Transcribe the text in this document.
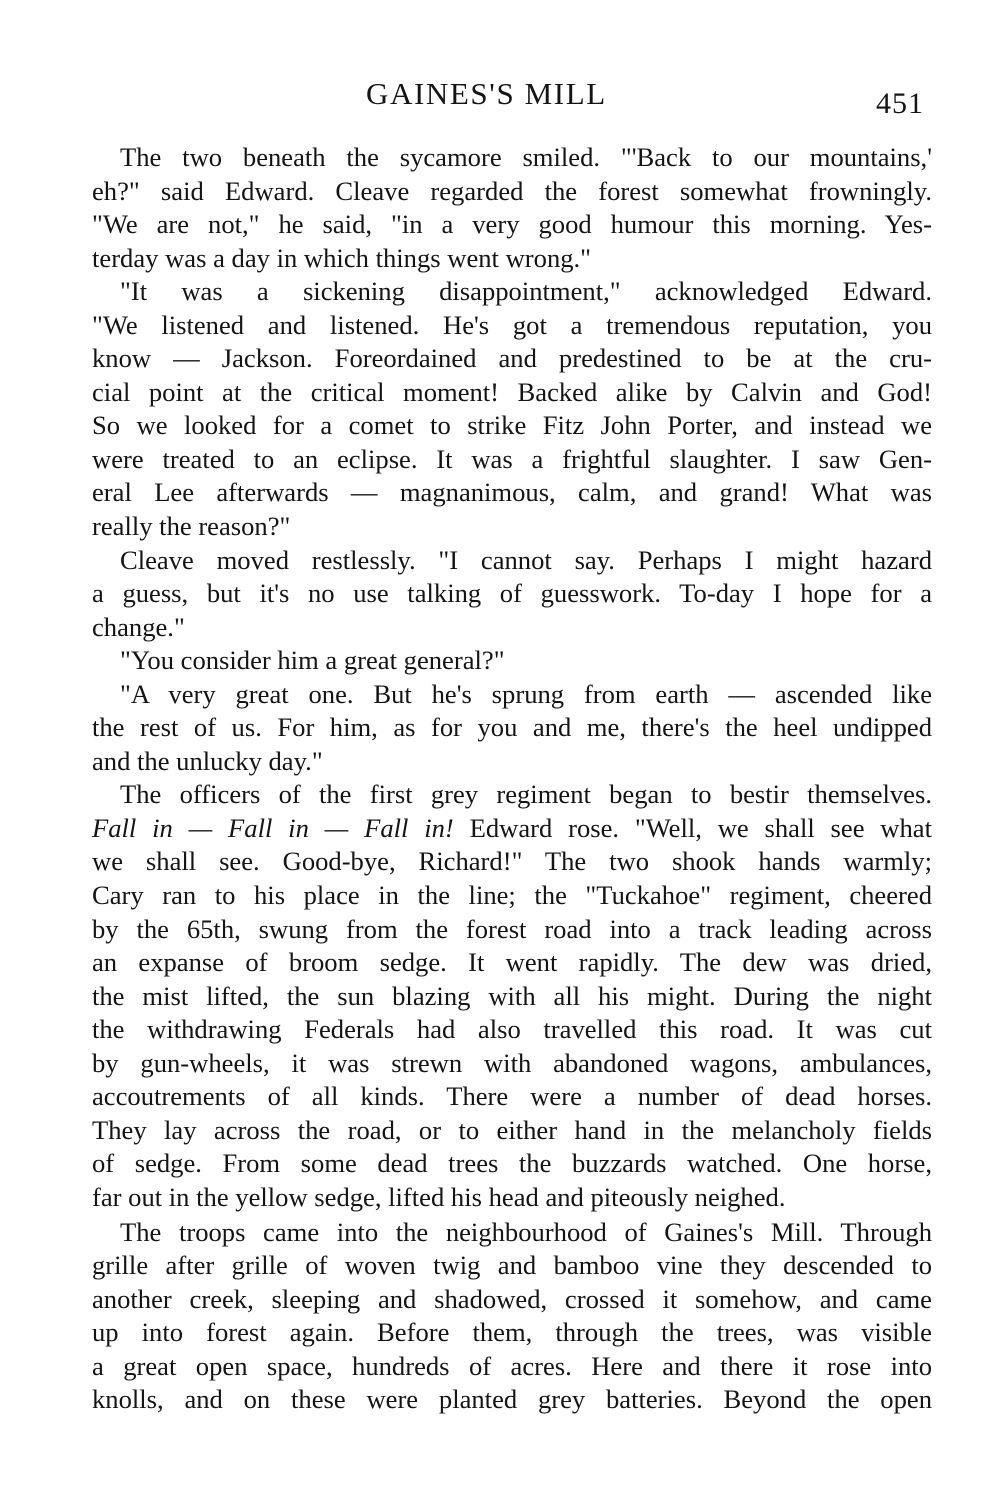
GAINES'S MILL	451
The two beneath the sycamore smiled. "'Back to our mountains,'
eh?" said Edward. Cleave regarded the forest somewhat frowningly.
"We are not," he said, "in a very good humour this morning. Yes-
terday was a day in which things went wrong."
"It was a sickening disappointment," acknowledged Edward.
"We listened and listened. He's got a tremendous reputation, you
know — Jackson. Foreordained and predestined to be at the cru-
cial point at the critical moment! Backed alike by Calvin and God!
So we looked for a comet to strike Fitz John Porter, and instead we
were treated to an eclipse. It was a frightful slaughter. I saw Gen-
eral Lee afterwards — magnanimous, calm, and grand! What was
really the reason?"
Cleave moved restlessly. "I cannot say. Perhaps I might hazard
a guess, but it's no use talking of guesswork. To-day I hope for a
change."
"You consider him a great general?"
"A very great one. But he's sprung from earth — ascended like
the rest of us. For him, as for you and me, there's the heel undipped
and the unlucky day."
The officers of the first grey regiment began to bestir themselves.
Fall in — Fall in — Fall in! Edward rose. "Well, we shall see what
we shall see. Good-bye, Richard!" The two shook hands warmly;
Cary ran to his place in the line; the "Tuckahoe" regiment, cheered
by the 65th, swung from the forest road into a track leading across
an expanse of broom sedge. It went rapidly. The dew was dried,
the mist lifted, the sun blazing with all his might. During the night
the withdrawing Federals had also travelled this road. It was cut
by gun-wheels, it was strewn with abandoned wagons, ambulances,
accoutrements of all kinds. There were a number of dead horses.
They lay across the road, or to either hand in the melancholy fields
of sedge. From some dead trees the buzzards watched. One horse,
far out in the yellow sedge, lifted his head and piteously neighed.
The troops came into the neighbourhood of Gaines's Mill. Through
grille after grille of woven twig and bamboo vine they descended to
another creek, sleeping and shadowed, crossed it somehow, and came
up into forest again. Before them, through the trees, was visible
a great open space, hundreds of acres. Here and there it rose into
knolls, and on these were planted grey batteries. Beyond the open
